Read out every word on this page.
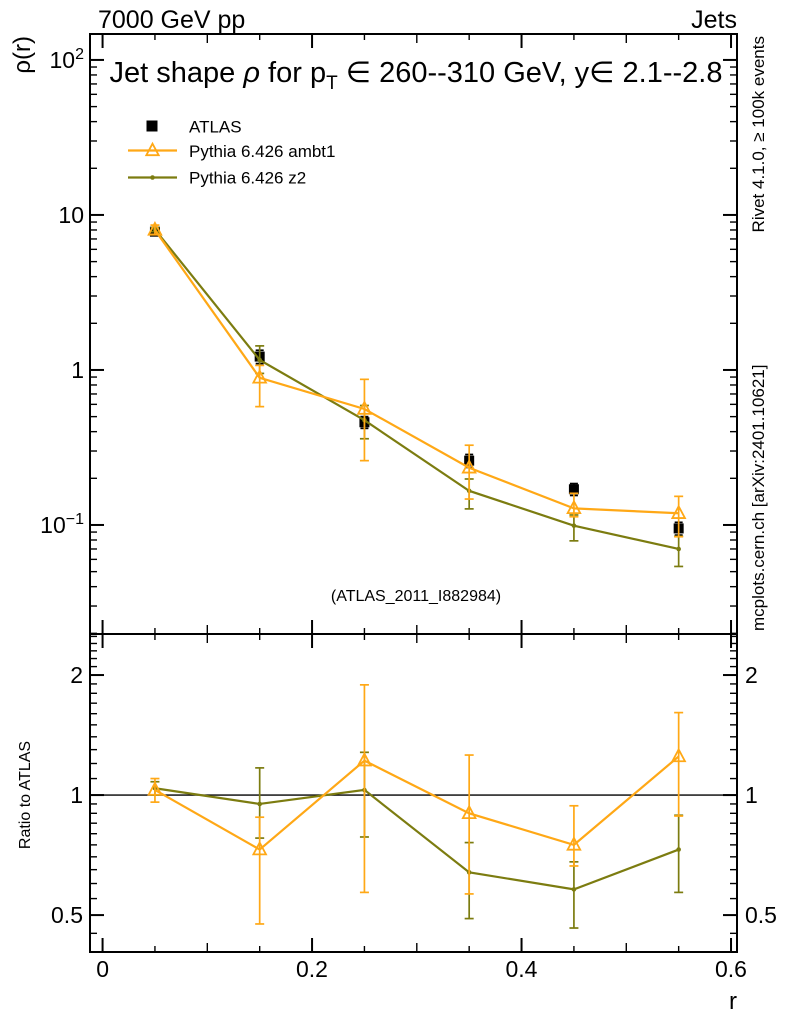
(ATLAS_2011_I882984)
7000 GeV pp	Jets
Jet shape ρ for $p_T$ ∈ 260--310 GeV, y∈ 2.1--2.8
ρ(r)
Ratio to ATLAS
$10^2$
10
1
$10^{-1}$
2
1
0.5
2
1
0.5
0	0.2	0.4	0.6
r
ATLAS
Pythia 6.426 ambt1
Pythia 6.426 z2	Rivet 4.1.0, ≥ 100k events
mcplots.cern.ch [arXiv:2401.10621]
